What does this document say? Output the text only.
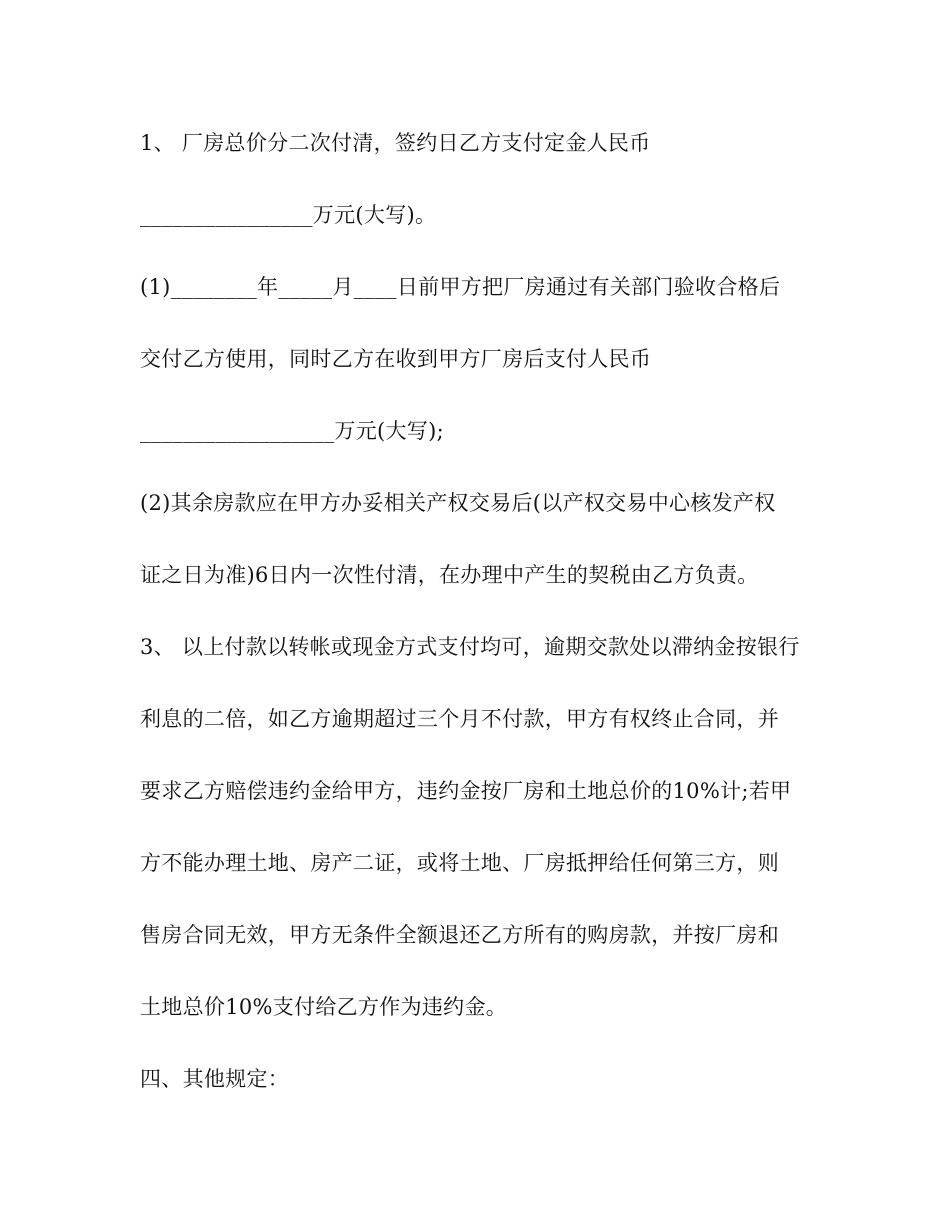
1、 厂房总价分二次付清，签约日乙方支付定金人民币
________________万元(大写)。
(1)________年_____月____日前甲方把厂房通过有关部门验收合格后
交付乙方使用，同时乙方在收到甲方厂房后支付人民币
__________________万元(大写);
(2)其余房款应在甲方办妥相关产权交易后(以产权交易中心核发产权
证之日为准)6日内一次性付清，在办理中产生的契税由乙方负责。
3、 以上付款以转帐或现金方式支付均可，逾期交款处以滞纳金按银行
利息的二倍，如乙方逾期超过三个月不付款，甲方有权终止合同，并
要求乙方赔偿违约金给甲方，违约金按厂房和土地总价的10%计;若甲
方不能办理土地、房产二证，或将土地、厂房抵押给任何第三方，则
售房合同无效，甲方无条件全额退还乙方所有的购房款，并按厂房和
土地总价10%支付给乙方作为违约金。
四、其他规定：
